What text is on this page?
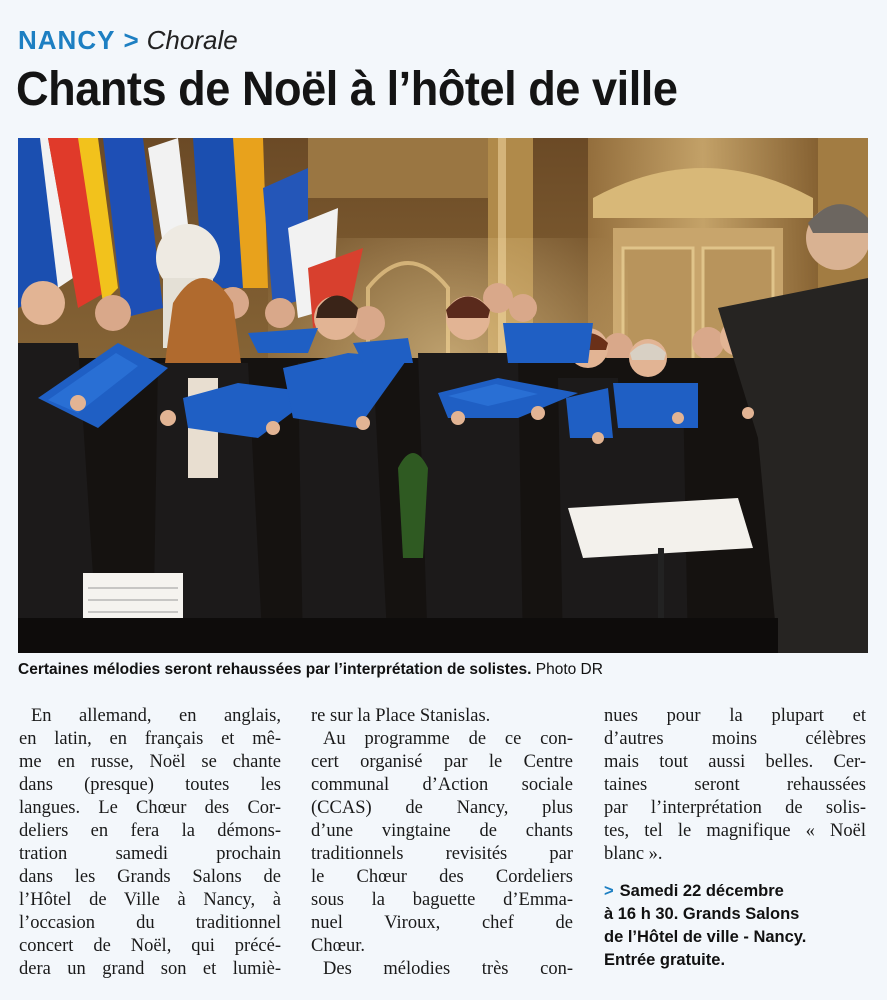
NANCY > Chorale
Chants de Noël à l’hôtel de ville
Certaines mélodies seront rehaussées par l’interprétation de solistes. Photo DR

En allemand, en anglais,
en latin, en français et mê-
me en russe, Noël se chante
dans (presque) toutes les
langues. Le Chœur des Cor-
deliers en fera la démons-
tration samedi prochain
dans les Grands Salons de
l’Hôtel de Ville à Nancy, à
l’occasion du traditionnel
concert de Noël, qui précé-
dera un grand son et lumiè-

re sur la Place Stanislas.
Au programme de ce con-
cert organisé par le Centre
communal d’Action sociale
(CCAS) de Nancy, plus
d’une vingtaine de chants
traditionnels revisités par
le Chœur des Cordeliers
sous la baguette d’Emma-
nuel Viroux, chef de
Chœur.
Des mélodies très con-

nues pour la plupart et
d’autres moins célèbres
mais tout aussi belles. Cer-
taines seront rehaussées
par l’interprétation de solis-
tes, tel le magnifique « Noël
blanc ».

> Samedi 22 décembre
à 16 h 30. Grands Salons
de l’Hôtel de ville - Nancy.
Entrée gratuite.
